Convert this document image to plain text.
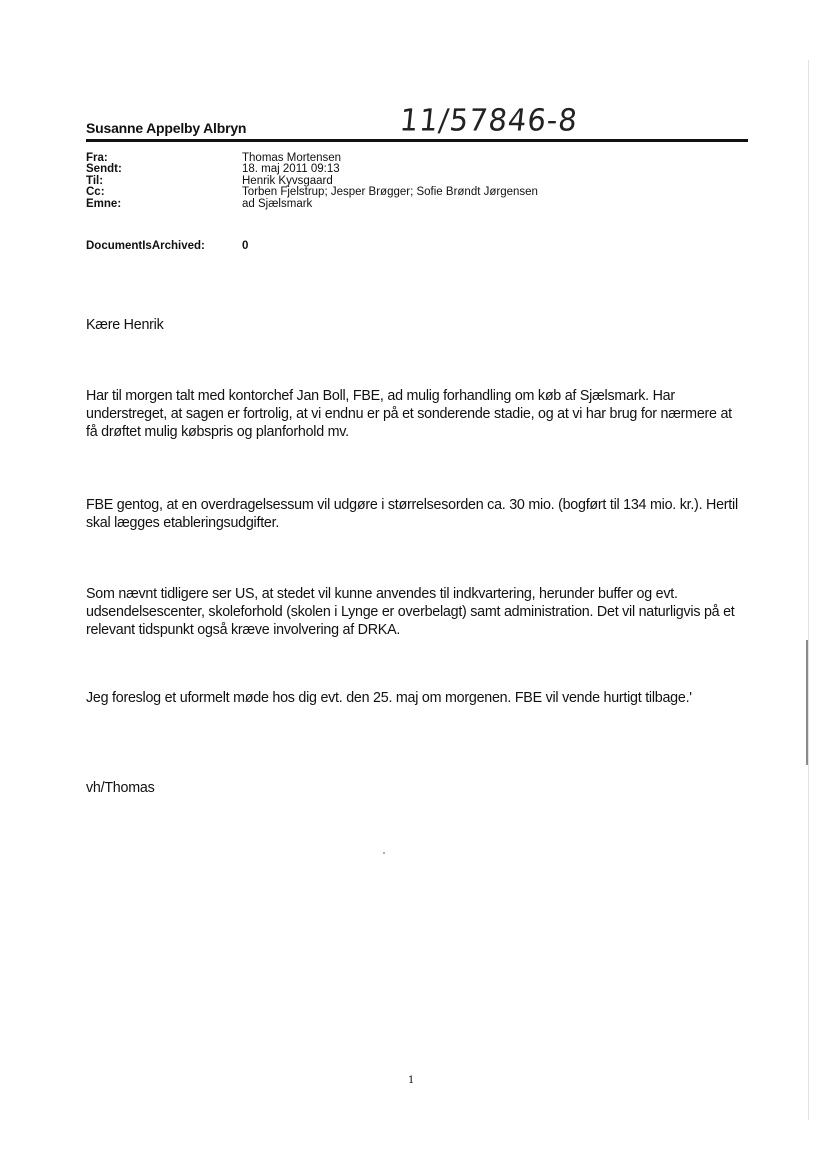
Susanne Appelby Albryn	11/57846-8
Fra:	Thomas Mortensen
Sendt:	18. maj 2011 09:13
Til:	Henrik Kyvsgaard
Cc:	Torben Fjelstrup; Jesper Brøgger; Sofie Brøndt Jørgensen
Emne:	ad Sjælsmark
DocumentIsArchived:	0
Kære Henrik
Har til morgen talt med kontorchef Jan Boll, FBE, ad mulig forhandling om køb af Sjælsmark. Har understreget, at sagen er fortrolig, at vi endnu er på et sonderende stadie, og at vi har brug for nærmere at få drøftet mulig købspris og planforhold mv.
FBE gentog, at en overdragelsessum vil udgøre i størrelsesorden ca. 30 mio. (bogført til 134 mio. kr.). Hertil skal lægges etableringsudgifter.
Som nævnt tidligere ser US, at stedet vil kunne anvendes til indkvartering, herunder buffer og evt. udsendelsescenter, skoleforhold (skolen i Lynge er overbelagt) samt administration. Det vil naturligvis på et relevant tidspunkt også kræve involvering af DRKA.
Jeg foreslog et uformelt møde hos dig evt. den 25. maj om morgenen. FBE vil vende hurtigt tilbage.'
vh/Thomas
1
